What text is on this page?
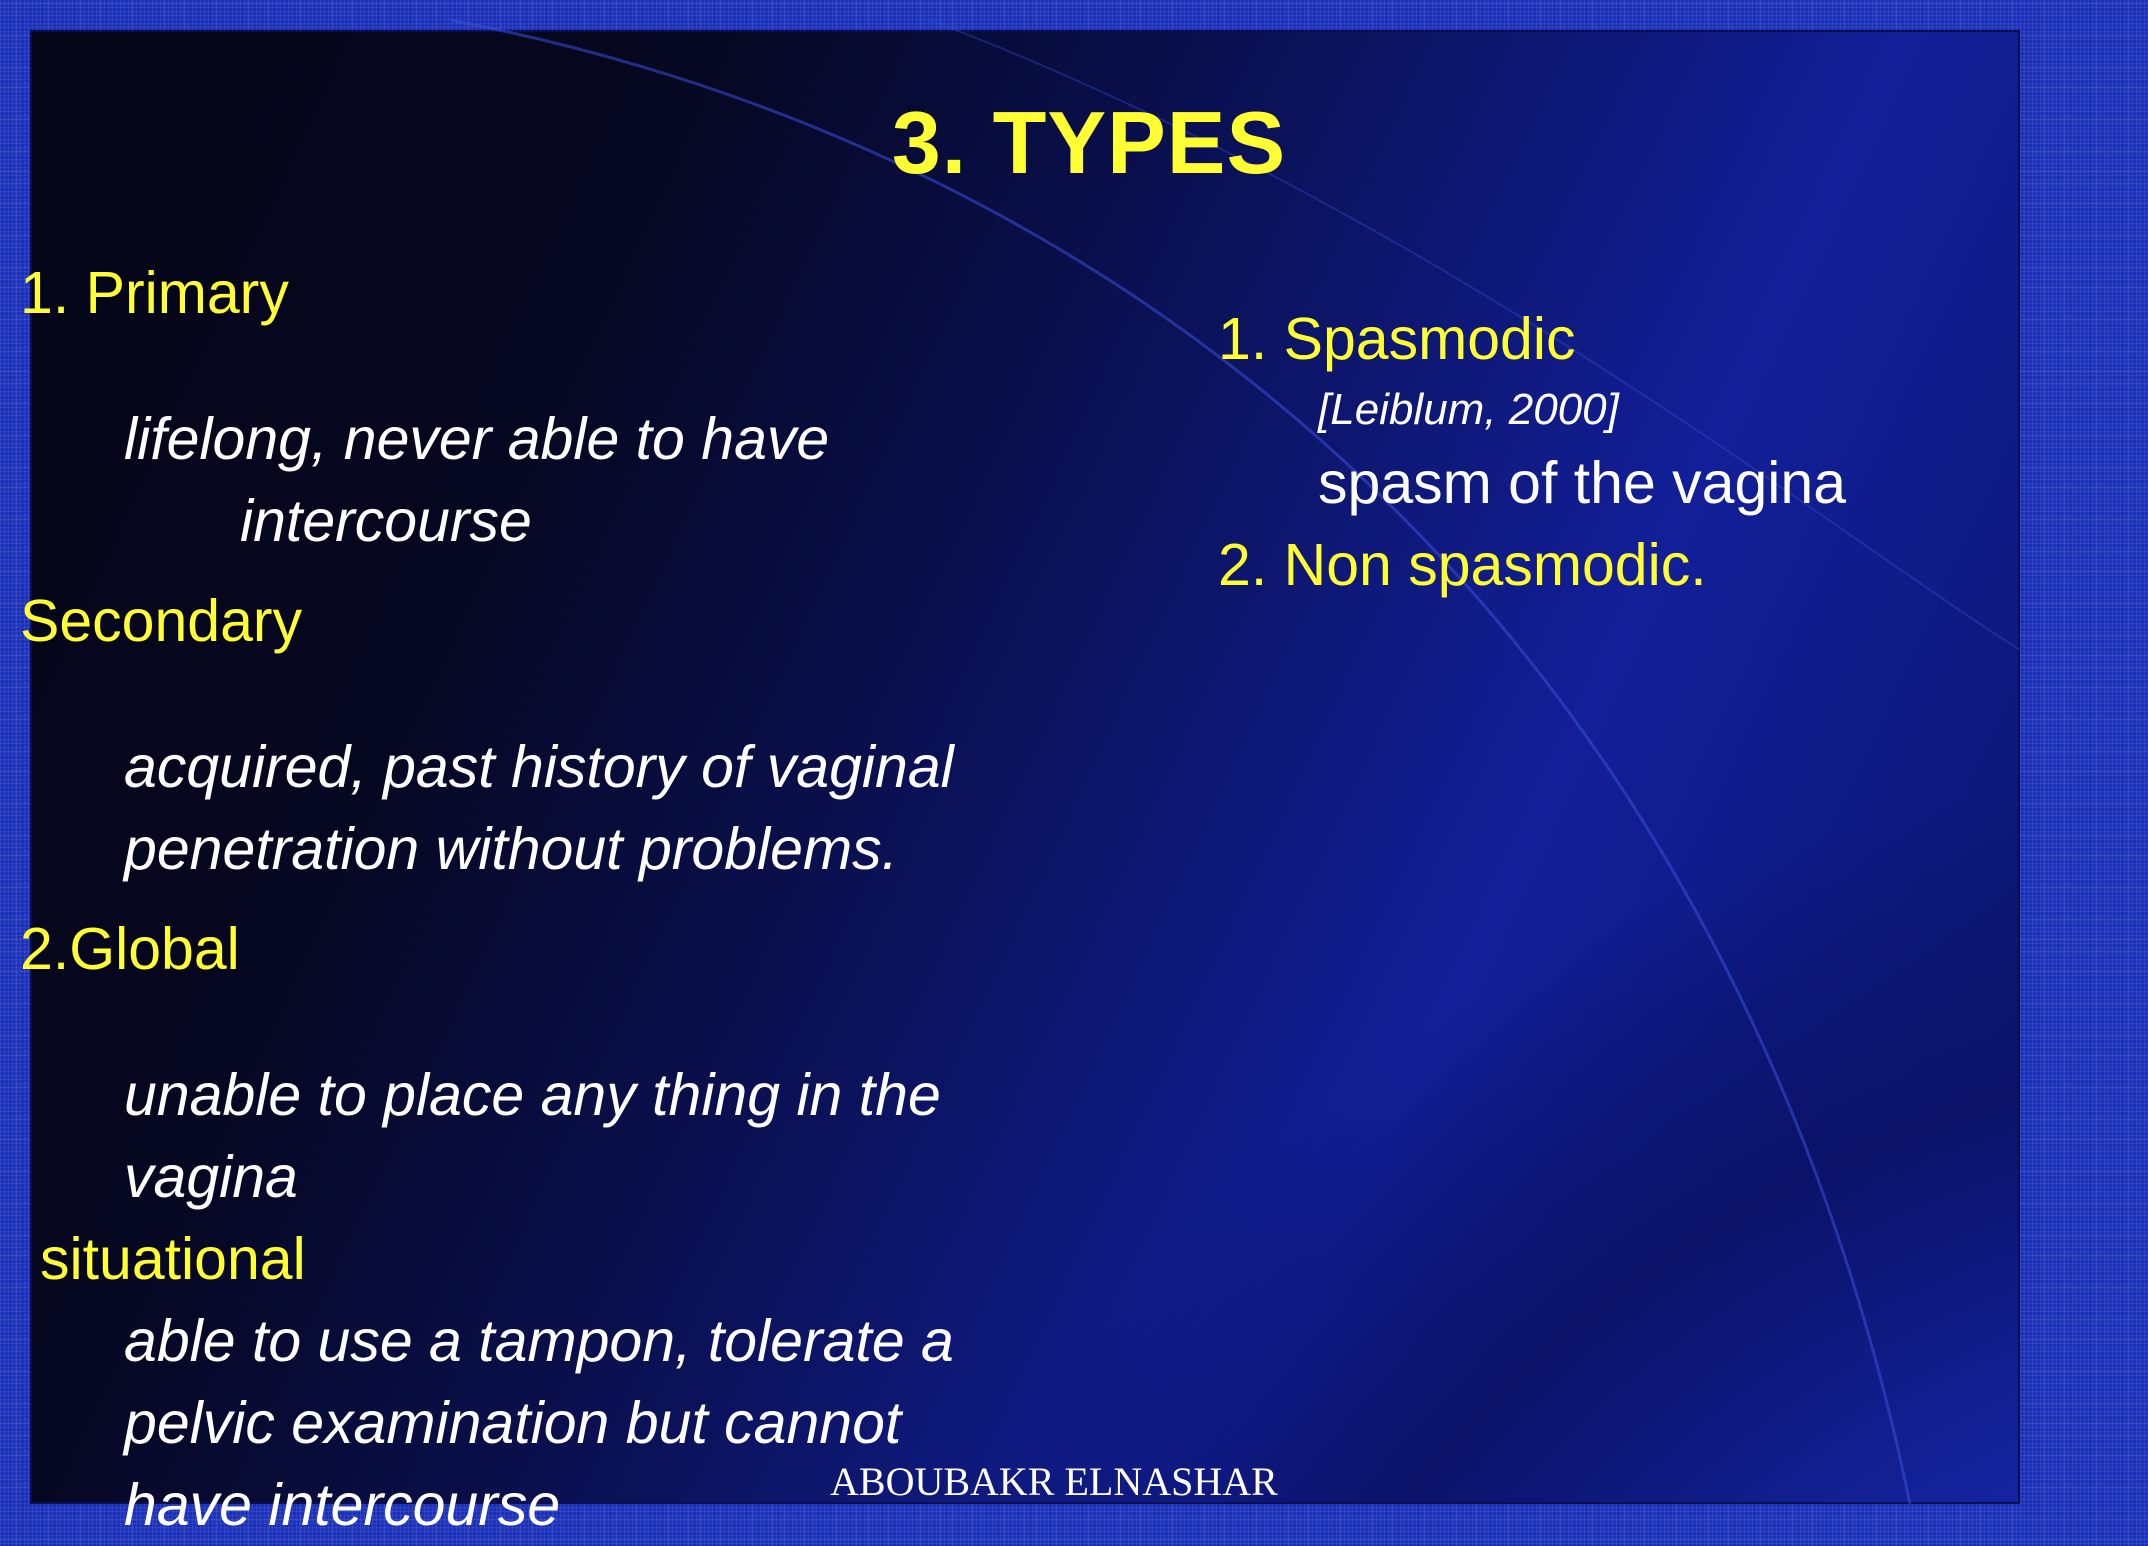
3. TYPES
1. Primary
lifelong, never able to have
intercourse
Secondary
acquired, past history of vaginal
penetration without problems.
2.Global
unable to place any thing in the
vagina
situational
able to use a tampon, tolerate a
pelvic examination but cannot
have intercourse
1. Spasmodic
[Leiblum, 2000]
spasm of the vagina
2. Non spasmodic.
ABOUBAKR ELNASHAR
